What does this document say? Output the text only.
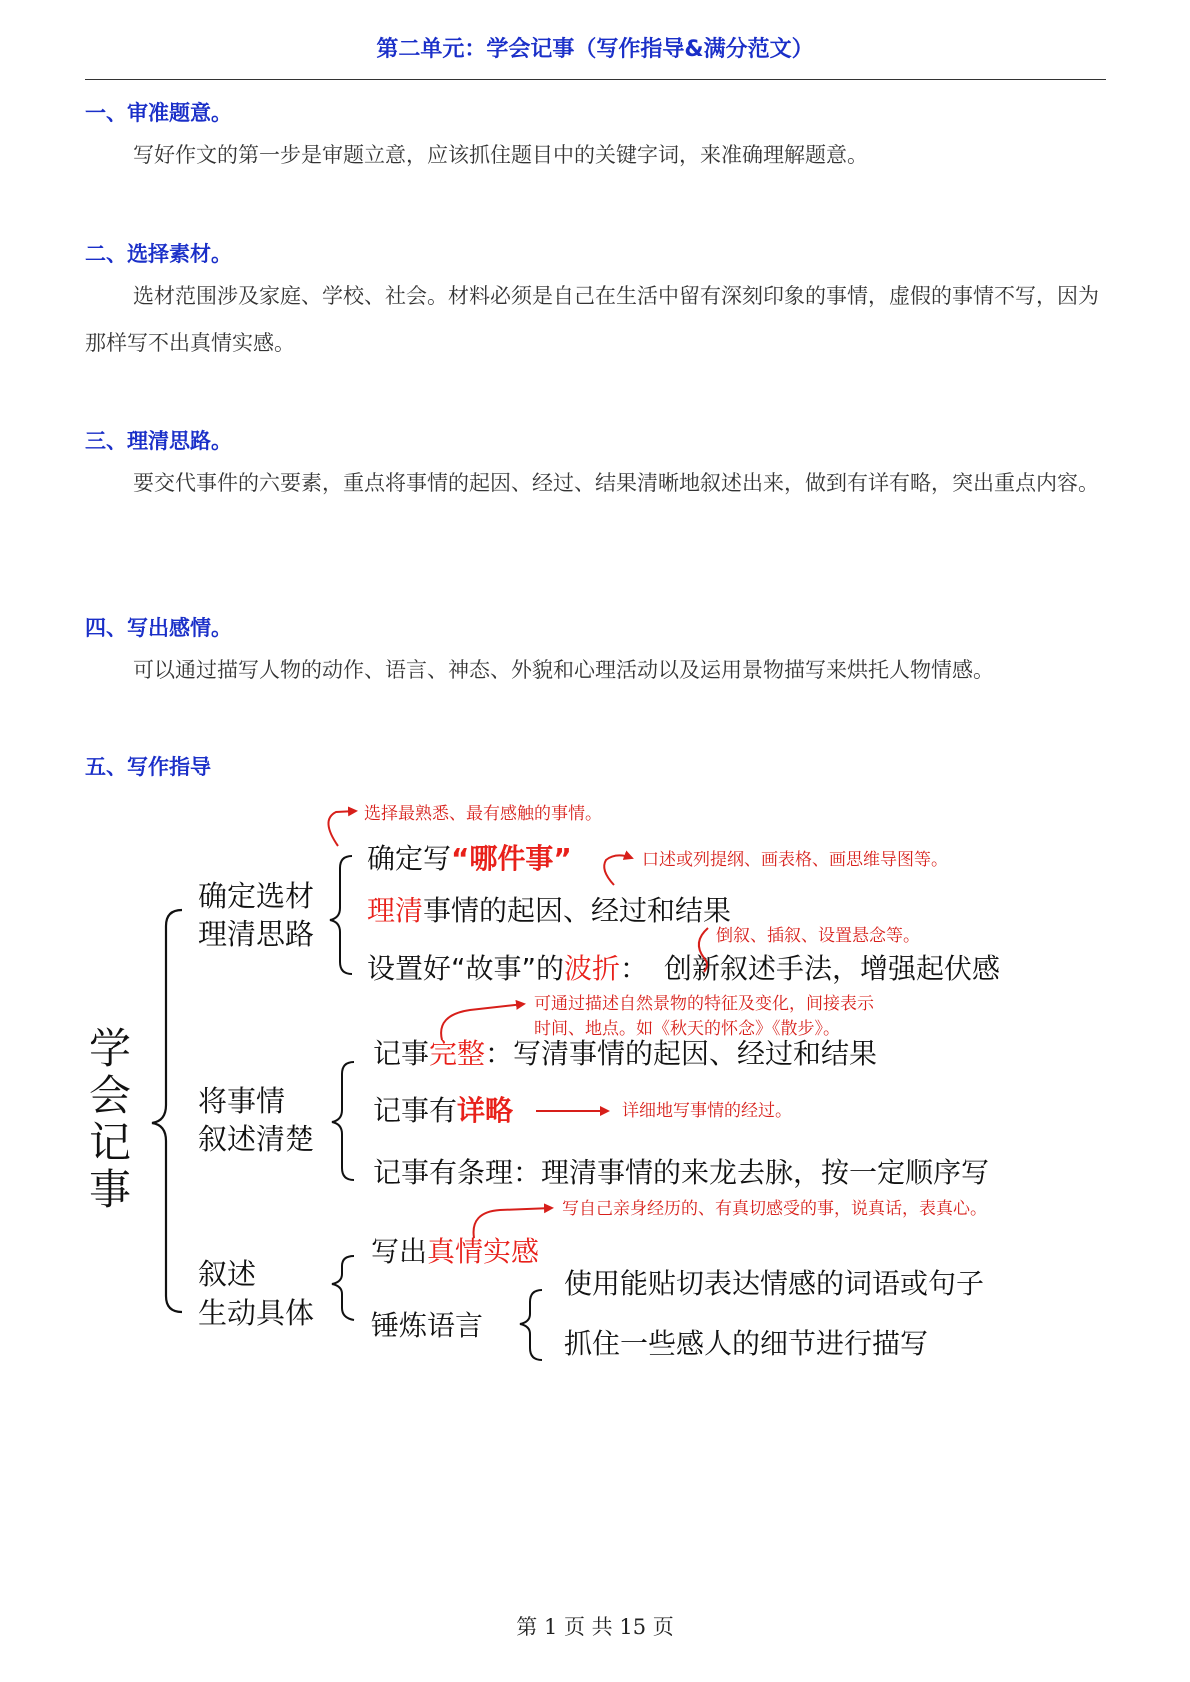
第二单元：学会记事（写作指导&满分范文）
一、审准题意。
写好作文的第一步是审题立意，应该抓住题目中的关键字词，来准确理解题意。
二、选择素材。
选材范围涉及家庭、学校、社会。材料必须是自己在生活中留有深刻印象的事情，虚假的事情不写，因为那样写不出真情实感。
三、理清思路。
要交代事件的六要素，重点将事情的起因、经过、结果清晰地叙述出来，做到有详有略，突出重点内容。
四、写出感情。
可以通过描写人物的动作、语言、神态、外貌和心理活动以及运用景物描写来烘托人物情感。
五、写作指导
学
会
记
事
确定选材
理清思路
确定写“哪件事”
理清事情的起因、经过和结果
设置好“故事”的波折： 创新叙述手法，增强起伏感
选择最熟悉、最有感触的事情。
口述或列提纲、画表格、画思维导图等。
倒叙、插叙、设置悬念等。
将事情
叙述清楚
记事完整：写清事情的起因、经过和结果
记事有详略
记事有条理：理清事情的来龙去脉，按一定顺序写
可通过描述自然景物的特征及变化，间接表示
时间、地点。如《秋天的怀念》《散步》。
详细地写事情的经过。
叙述
生动具体
写出真情实感
锤炼语言
使用能贴切表达情感的词语或句子
抓住一些感人的细节进行描写
写自己亲身经历的、有真切感受的事，说真话，表真心。
第 1 页 共 15 页
